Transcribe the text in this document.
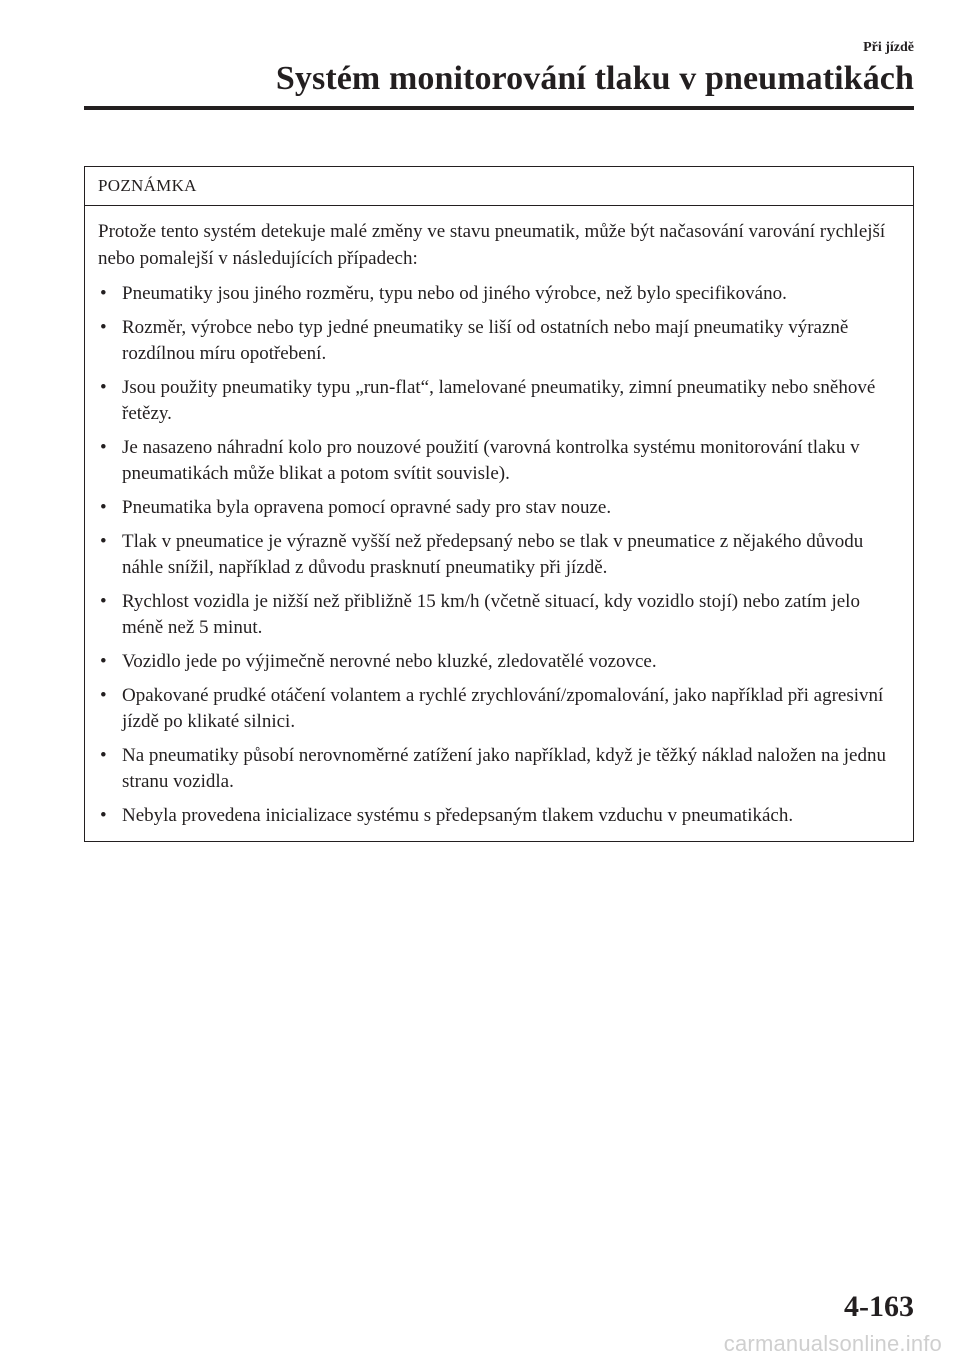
Při jízdě

Systém monitorování tlaku v pneumatikách

POZNÁMKA

Protože tento systém detekuje malé změny ve stavu pneumatik, může být načasování varování rychlejší nebo pomalejší v následujících případech:

• Pneumatiky jsou jiného rozměru, typu nebo od jiného výrobce, než bylo specifikováno.
• Rozměr, výrobce nebo typ jedné pneumatiky se liší od ostatních nebo mají pneumatiky výrazně rozdílnou míru opotřebení.
• Jsou použity pneumatiky typu „run-flat“, lamelované pneumatiky, zimní pneumatiky nebo sněhové řetězy.
• Je nasazeno náhradní kolo pro nouzové použití (varovná kontrolka systému monitorování tlaku v pneumatikách může blikat a potom svítit souvisle).
• Pneumatika byla opravena pomocí opravné sady pro stav nouze.
• Tlak v pneumatice je výrazně vyšší než předepsaný nebo se tlak v pneumatice z nějakého důvodu náhle snížil, například z důvodu prasknutí pneumatiky při jízdě.
• Rychlost vozidla je nižší než přibližně 15 km/h (včetně situací, kdy vozidlo stojí) nebo zatím jelo méně než 5 minut.
• Vozidlo jede po výjimečně nerovné nebo kluzké, zledovatělé vozovce.
• Opakované prudké otáčení volantem a rychlé zrychlování/zpomalování, jako například při agresivní jízdě po klikaté silnici.
• Na pneumatiky působí nerovnoměrné zatížení jako například, když je těžký náklad naložen na jednu stranu vozidla.
• Nebyla provedena inicializace systému s předepsaným tlakem vzduchu v pneumatikách.

4-163

carmanualsonline.info
